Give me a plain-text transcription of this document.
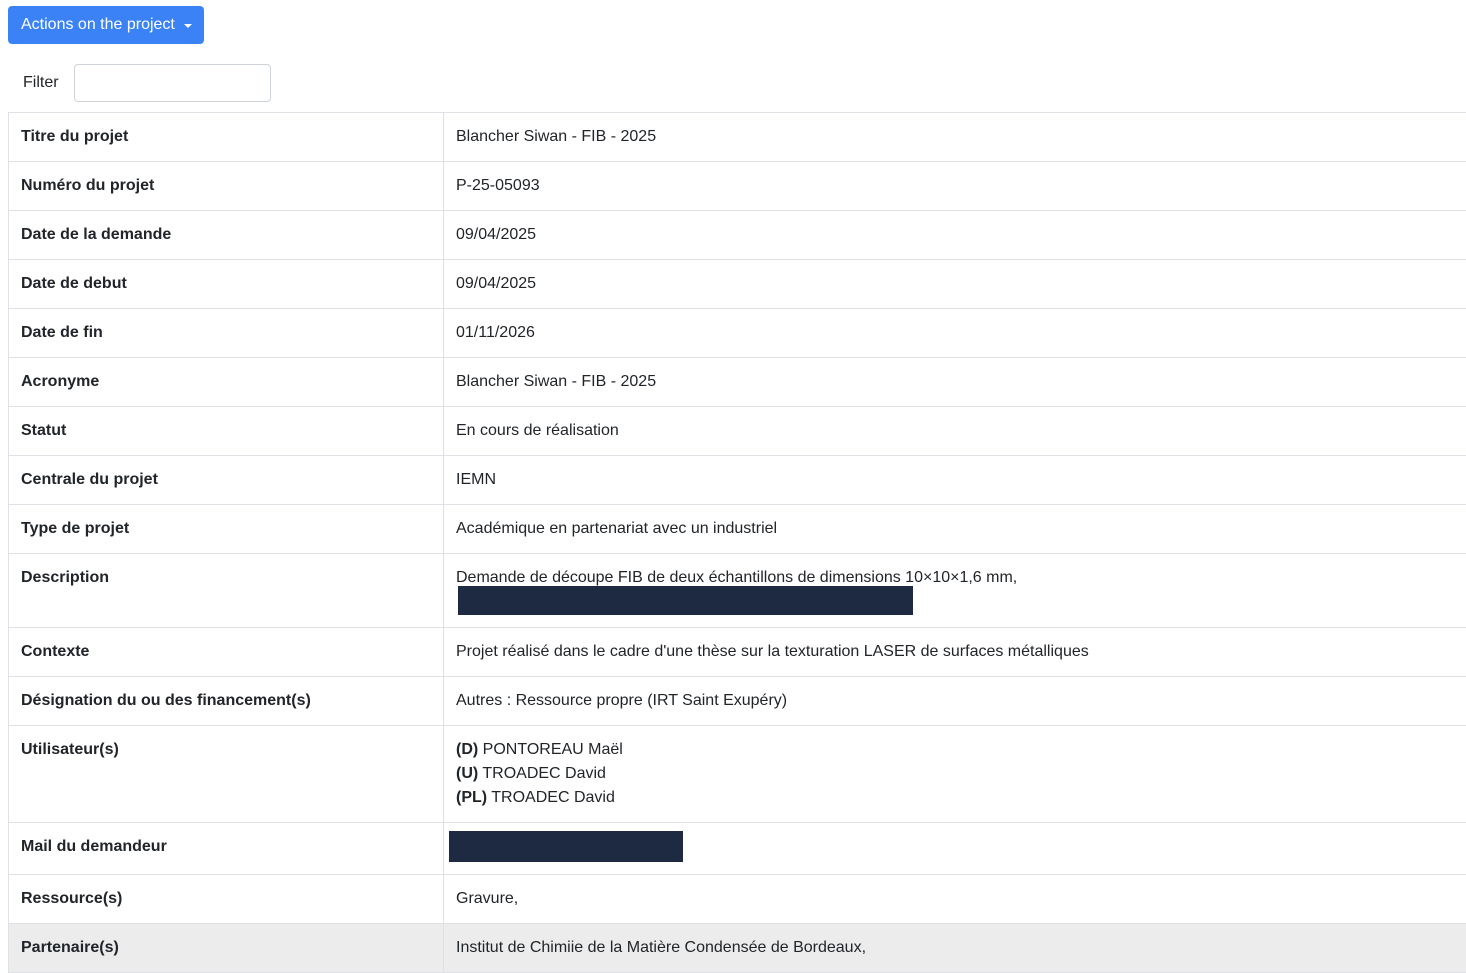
Actions on the project
Filter
Titre du projet	Blancher Siwan - FIB - 2025
Numéro du projet	P-25-05093
Date de la demande	09/04/2025
Date de debut	09/04/2025
Date de fin	01/11/2026
Acronyme	Blancher Siwan - FIB - 2025
Statut	En cours de réalisation
Centrale du projet	IEMN
Type de projet	Académique en partenariat avec un industriel
Description	Demande de découpe FIB de deux échantillons de dimensions 10×10×1,6 mm,
Contexte	Projet réalisé dans le cadre d'une thèse sur la texturation LASER de surfaces métalliques
Désignation du ou des financement(s)	Autres : Ressource propre (IRT Saint Exupéry)
Utilisateur(s)	(D) PONTOREAU Maël
(U) TROADEC David
(PL) TROADEC David

Mail du demandeur	
Ressource(s)	Gravure,
Partenaire(s)	Institut de Chimiie de la Matière Condensée de Bordeaux,
